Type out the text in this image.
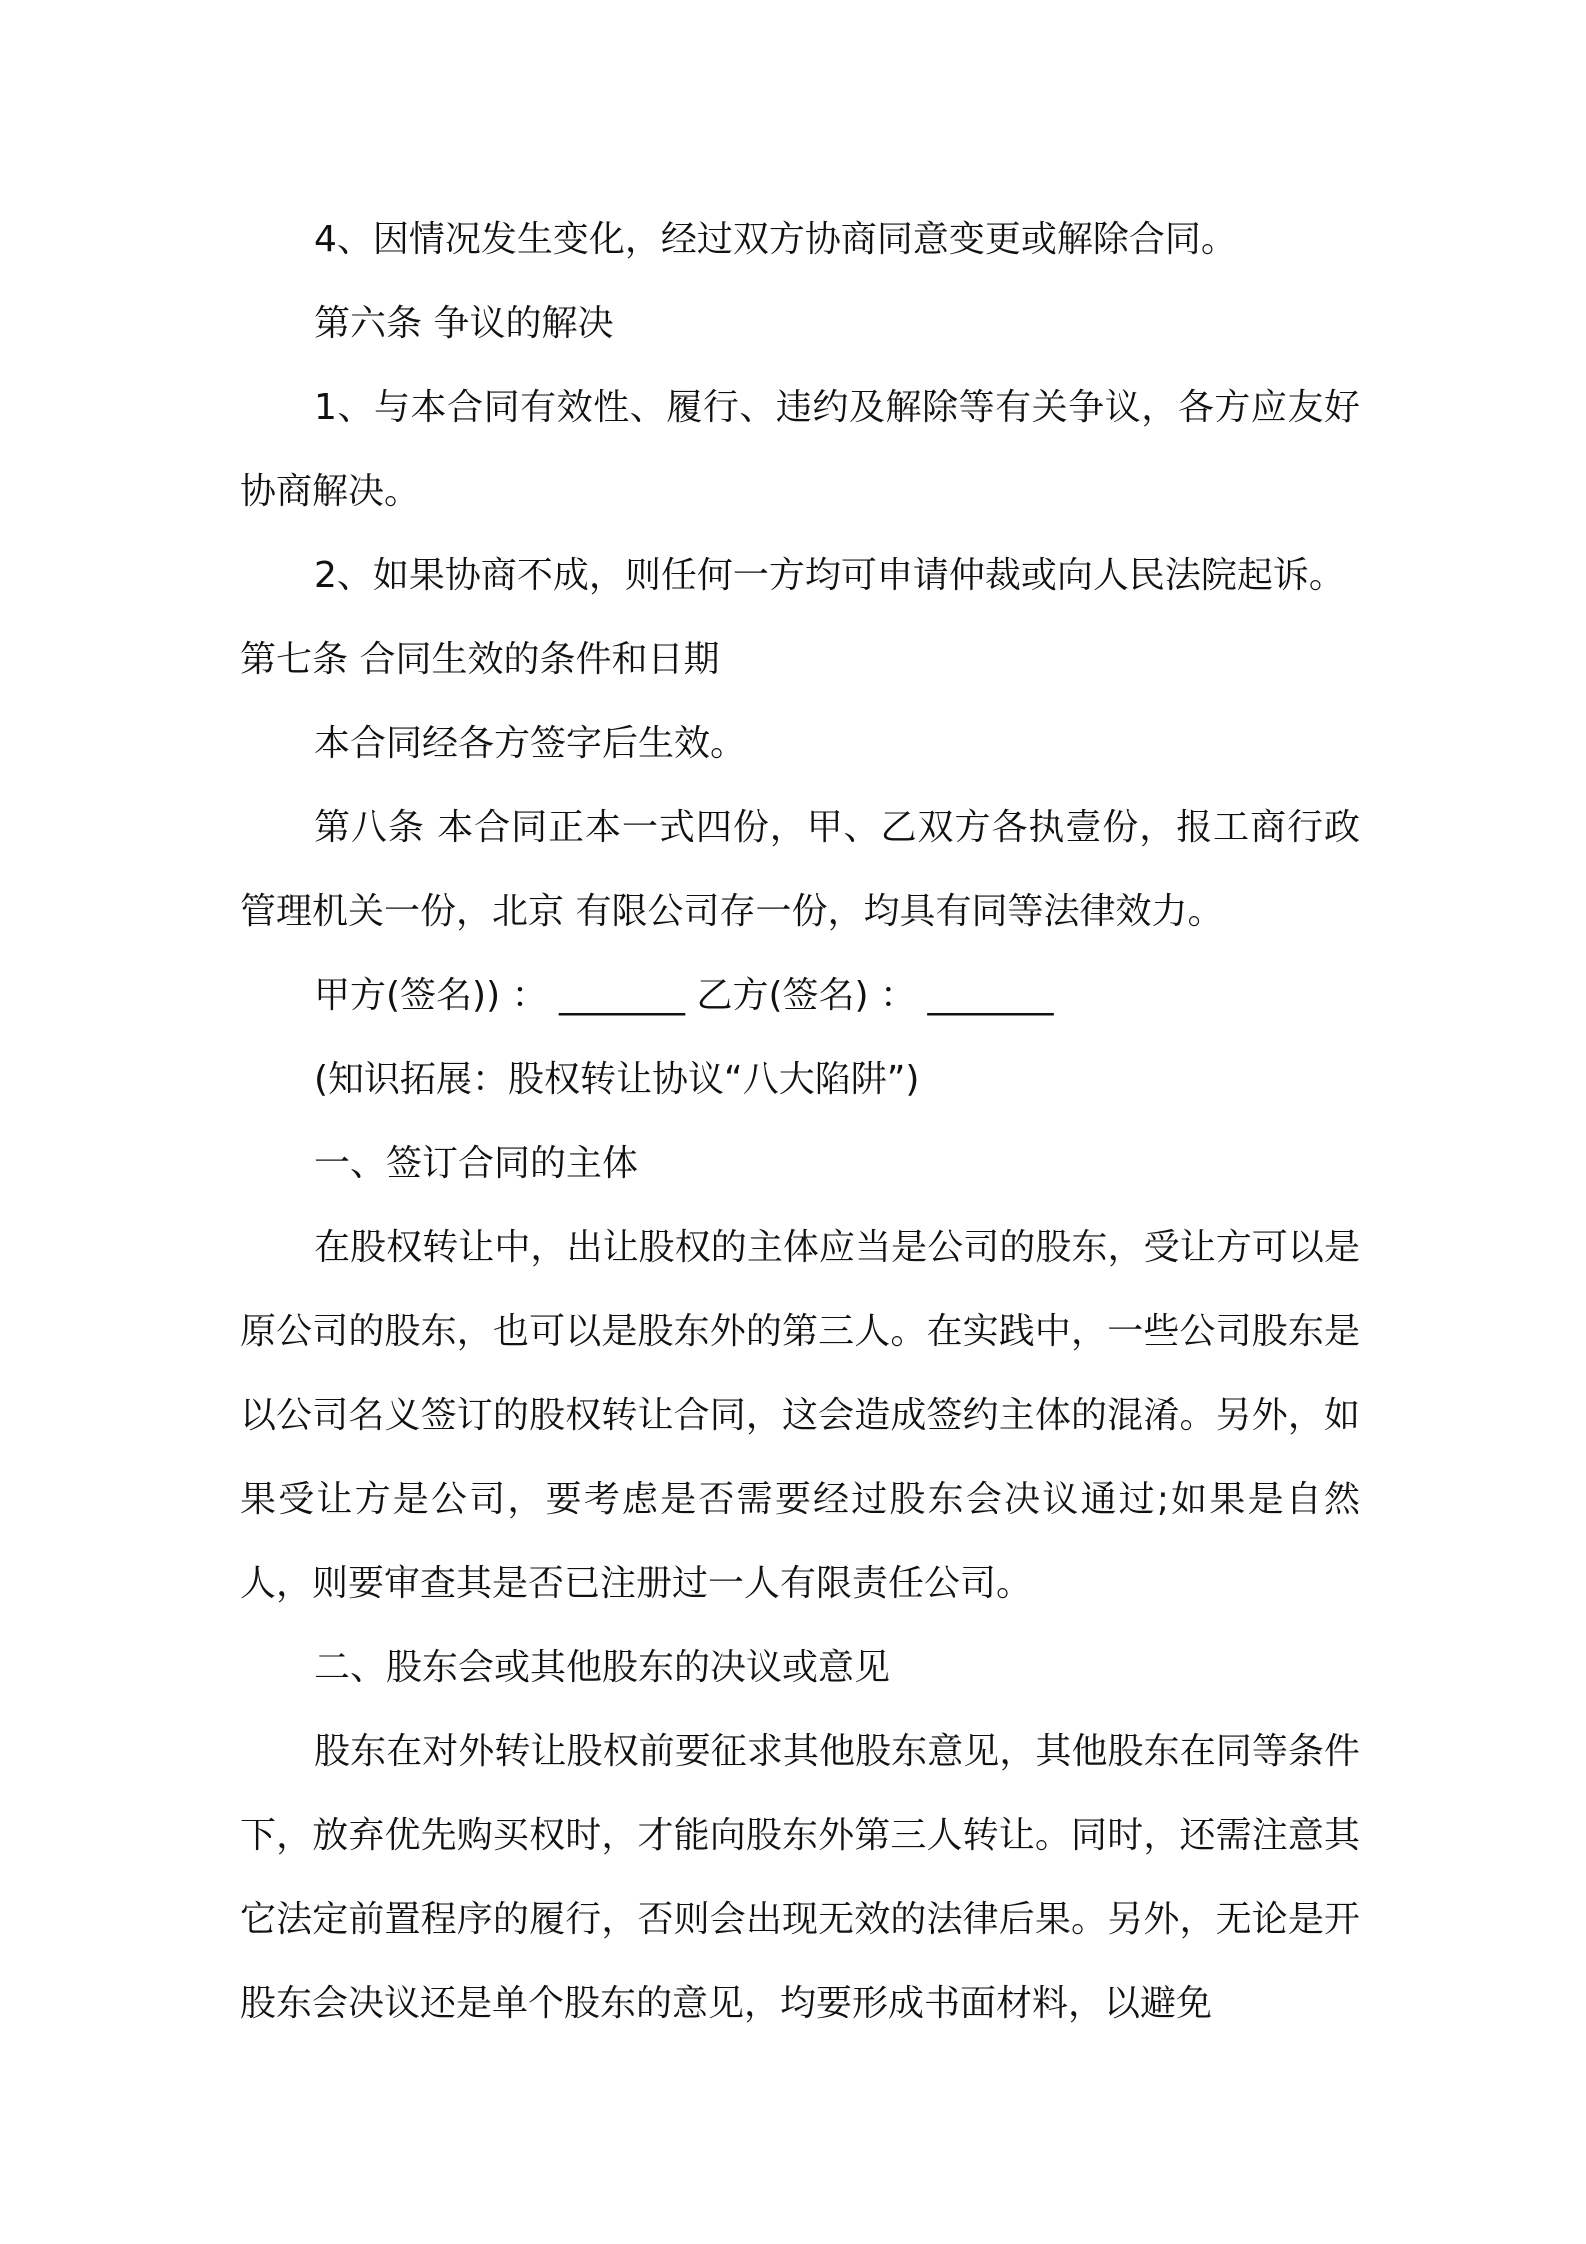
4、因情况发生变化，经过双方协商同意变更或解除合同。

第六条 争议的解决

1、与本合同有效性、履行、违约及解除等有关争议，各方应友好协商解决。

2、如果协商不成，则任何一方均可申请仲裁或向人民法院起诉。

第七条 合同生效的条件和日期

本合同经各方签字后生效。

第八条 本合同正本一式四份，甲、乙双方各执壹份，报工商行政管理机关一份，北京 有限公司存一份，均具有同等法律效力。

甲方(签名)) ： _______ 乙方(签名) ： _______

(知识拓展：股权转让协议“八大陷阱”)

一、签订合同的主体

在股权转让中，出让股权的主体应当是公司的股东，受让方可以是原公司的股东，也可以是股东外的第三人。在实践中，一些公司股东是以公司名义签订的股权转让合同，这会造成签约主体的混淆。另外，如果受让方是公司，要考虑是否需要经过股东会决议通过;如果是自然人，则要审查其是否已注册过一人有限责任公司。

二、股东会或其他股东的决议或意见

股东在对外转让股权前要征求其他股东意见，其他股东在同等条件下，放弃优先购买权时，才能向股东外第三人转让。同时，还需注意其它法定前置程序的履行，否则会出现无效的法律后果。另外，无论是开股东会决议还是单个股东的意见，均要形成书面材料，以避免
